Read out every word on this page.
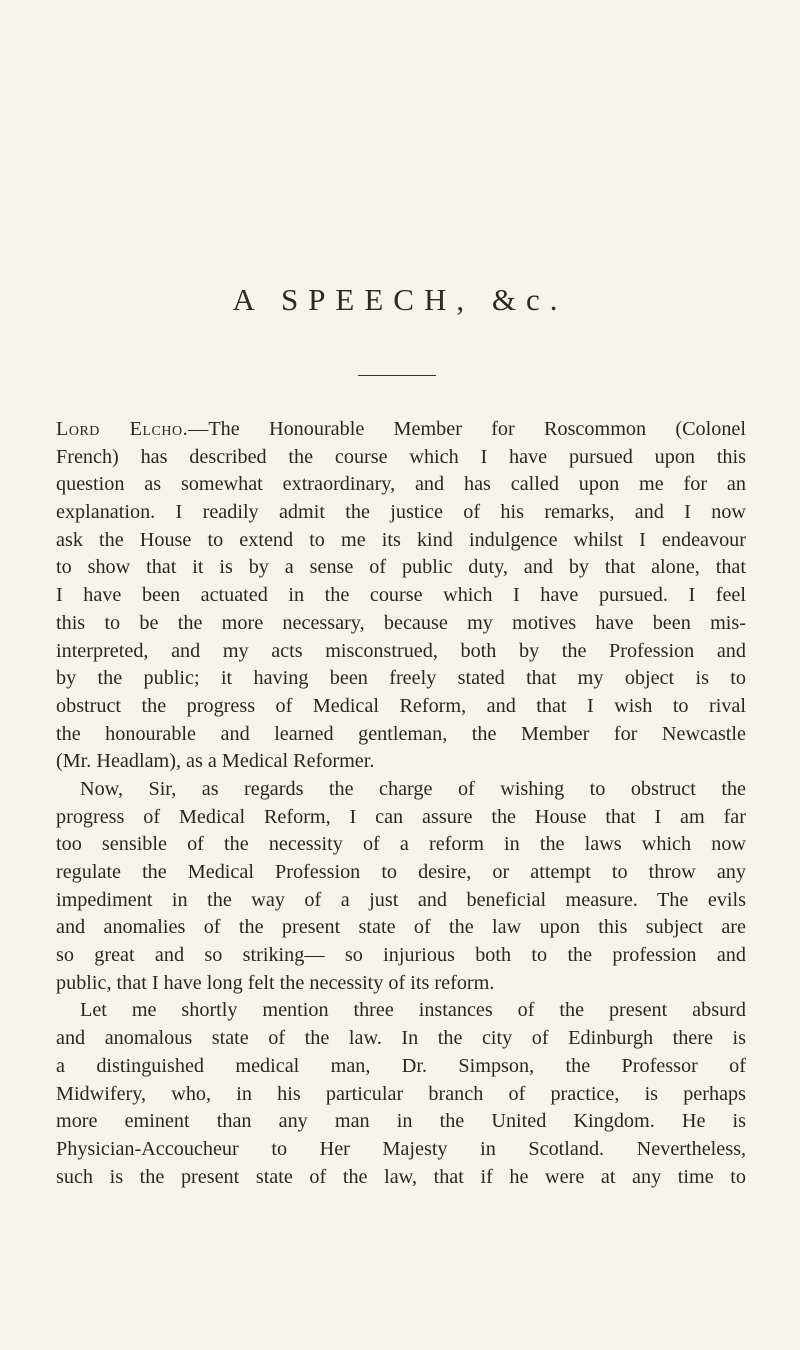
A SPEECH, &c.
Lord Elcho.—The Honourable Member for Roscommon (Colonel
French) has described the course which I have pursued upon this
question as somewhat extraordinary, and has called upon me for an
explanation. I readily admit the justice of his remarks, and I now
ask the House to extend to me its kind indulgence whilst I endeavour
to show that it is by a sense of public duty, and by that alone, that
I have been actuated in the course which I have pursued. I feel
this to be the more necessary, because my motives have been mis-
interpreted, and my acts misconstrued, both by the Profession and
by the public; it having been freely stated that my object is to
obstruct the progress of Medical Reform, and that I wish to rival
the honourable and learned gentleman, the Member for Newcastle
(Mr. Headlam), as a Medical Reformer.
Now, Sir, as regards the charge of wishing to obstruct the
progress of Medical Reform, I can assure the House that I am far
too sensible of the necessity of a reform in the laws which now
regulate the Medical Profession to desire, or attempt to throw any
impediment in the way of a just and beneficial measure. The evils
and anomalies of the present state of the law upon this subject are
so great and so striking— so injurious both to the profession and
public, that I have long felt the necessity of its reform.
Let me shortly mention three instances of the present absurd
and anomalous state of the law. In the city of Edinburgh there is
a distinguished medical man, Dr. Simpson, the Professor of
Midwifery, who, in his particular branch of practice, is perhaps
more eminent than any man in the United Kingdom. He is
Physician-Accoucheur to Her Majesty in Scotland. Nevertheless,
such is the present state of the law, that if he were at any time to
